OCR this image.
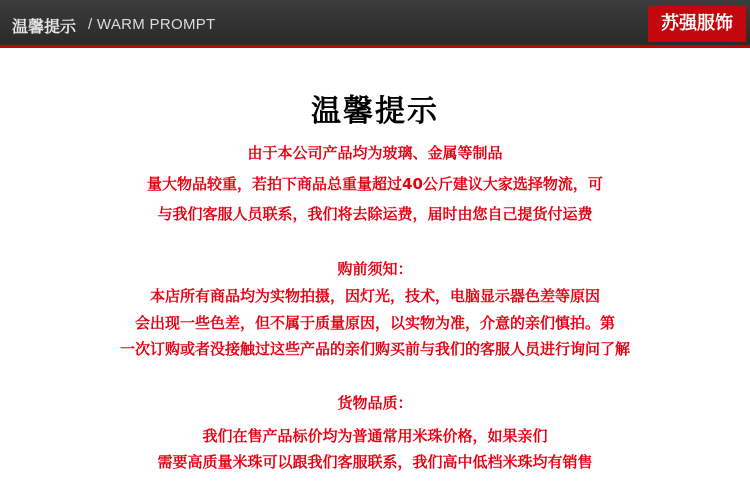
温馨提示 / WARM PROMPT	苏强服饰
温馨提示
由于本公司产品均为玻璃、金属等制品
量大物品较重，若拍下商品总重量超过40公斤建议大家选择物流，可
与我们客服人员联系，我们将去除运费，届时由您自己提货付运费
购前须知：
本店所有商品均为实物拍摄，因灯光，技术，电脑显示器色差等原因
会出现一些色差，但不属于质量原因，以实物为准，介意的亲们慎拍。第
一次订购或者没接触过这些产品的亲们购买前与我们的客服人员进行询问了解
货物品质：
我们在售产品标价均为普通常用米珠价格，如果亲们
需要高质量米珠可以跟我们客服联系，我们高中低档米珠均有销售
